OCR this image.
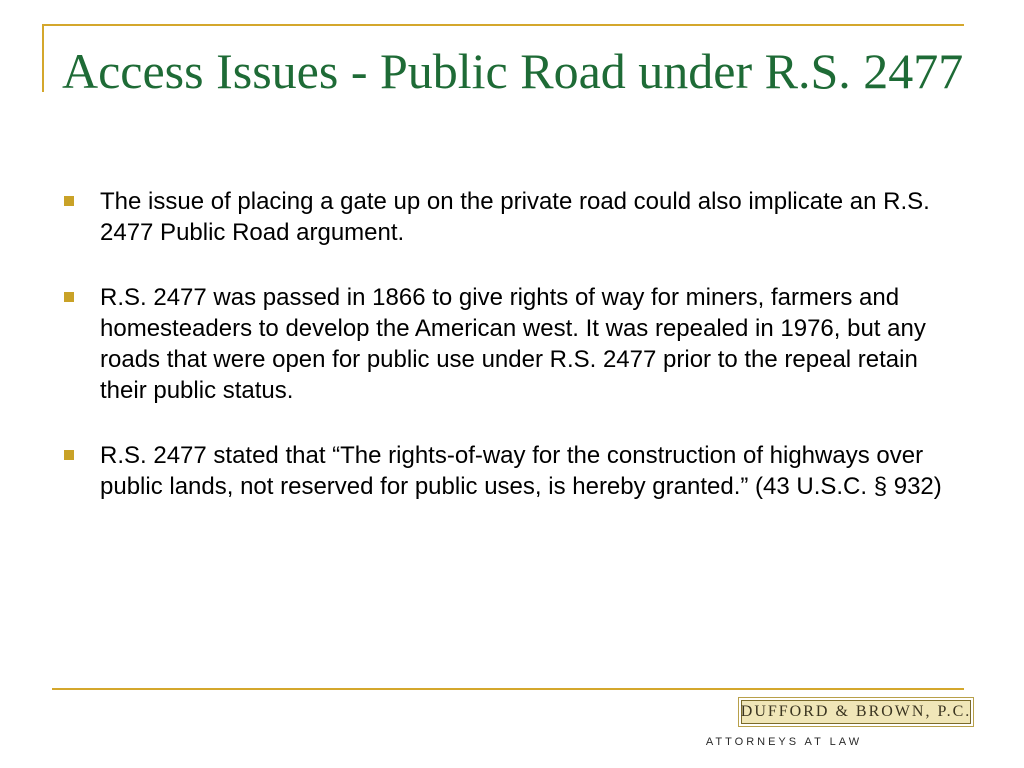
Access Issues - Public Road under R.S. 2477
The issue of placing a gate up on the private road could also implicate an R.S. 2477 Public Road argument.
R.S. 2477 was passed in 1866 to give rights of way for miners, farmers and homesteaders to develop the American west. It was repealed in 1976, but any roads that were open for public use under R.S. 2477 prior to the repeal retain their public status.
R.S. 2477 stated that “The rights-of-way for the construction of highways over public lands, not reserved for public uses, is hereby granted.” (43 U.S.C. § 932)
DUFFORD & BROWN, P.C.
ATTORNEYS AT LAW
